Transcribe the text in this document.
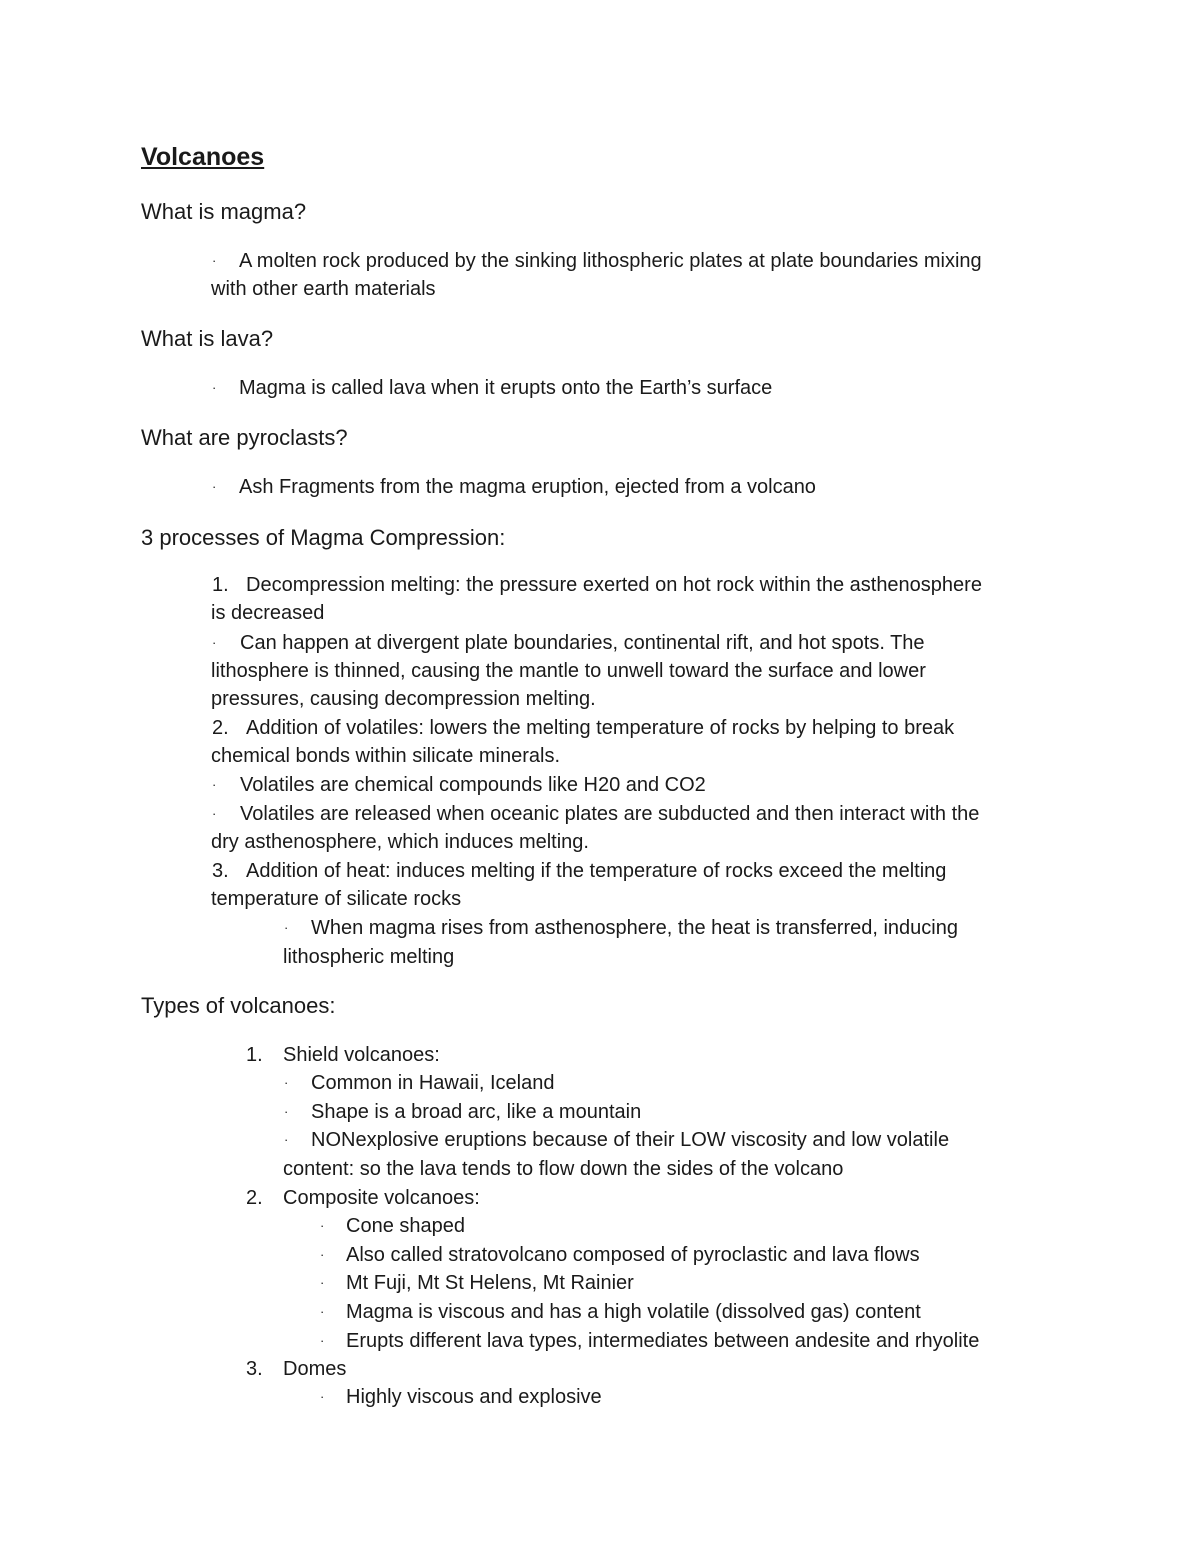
Volcanoes
What is magma?
· A molten rock produced by the sinking lithospheric plates at plate boundaries mixing
with other earth materials
What is lava?
· Magma is called lava when it erupts onto the Earth’s surface
What are pyroclasts?
· Ash Fragments from the magma eruption, ejected from a volcano
3 processes of Magma Compression:
1. Decompression melting: the pressure exerted on hot rock within the asthenosphere
is decreased
· Can happen at divergent plate boundaries, continental rift, and hot spots. The
lithosphere is thinned, causing the mantle to unwell toward the surface and lower
pressures, causing decompression melting.
2. Addition of volatiles: lowers the melting temperature of rocks by helping to break
chemical bonds within silicate minerals.
· Volatiles are chemical compounds like H20 and CO2
· Volatiles are released when oceanic plates are subducted and then interact with the
dry asthenosphere, which induces melting.
3. Addition of heat: induces melting if the temperature of rocks exceed the melting
temperature of silicate rocks
· When magma rises from asthenosphere, the heat is transferred, inducing
lithospheric melting
Types of volcanoes:
1. Shield volcanoes:
· Common in Hawaii, Iceland
· Shape is a broad arc, like a mountain
· NONexplosive eruptions because of their LOW viscosity and low volatile
content: so the lava tends to flow down the sides of the volcano
2. Composite volcanoes:
· Cone shaped
· Also called stratovolcano composed of pyroclastic and lava flows
· Mt Fuji, Mt St Helens, Mt Rainier
· Magma is viscous and has a high volatile (dissolved gas) content
· Erupts different lava types, intermediates between andesite and rhyolite
3. Domes
· Highly viscous and explosive
